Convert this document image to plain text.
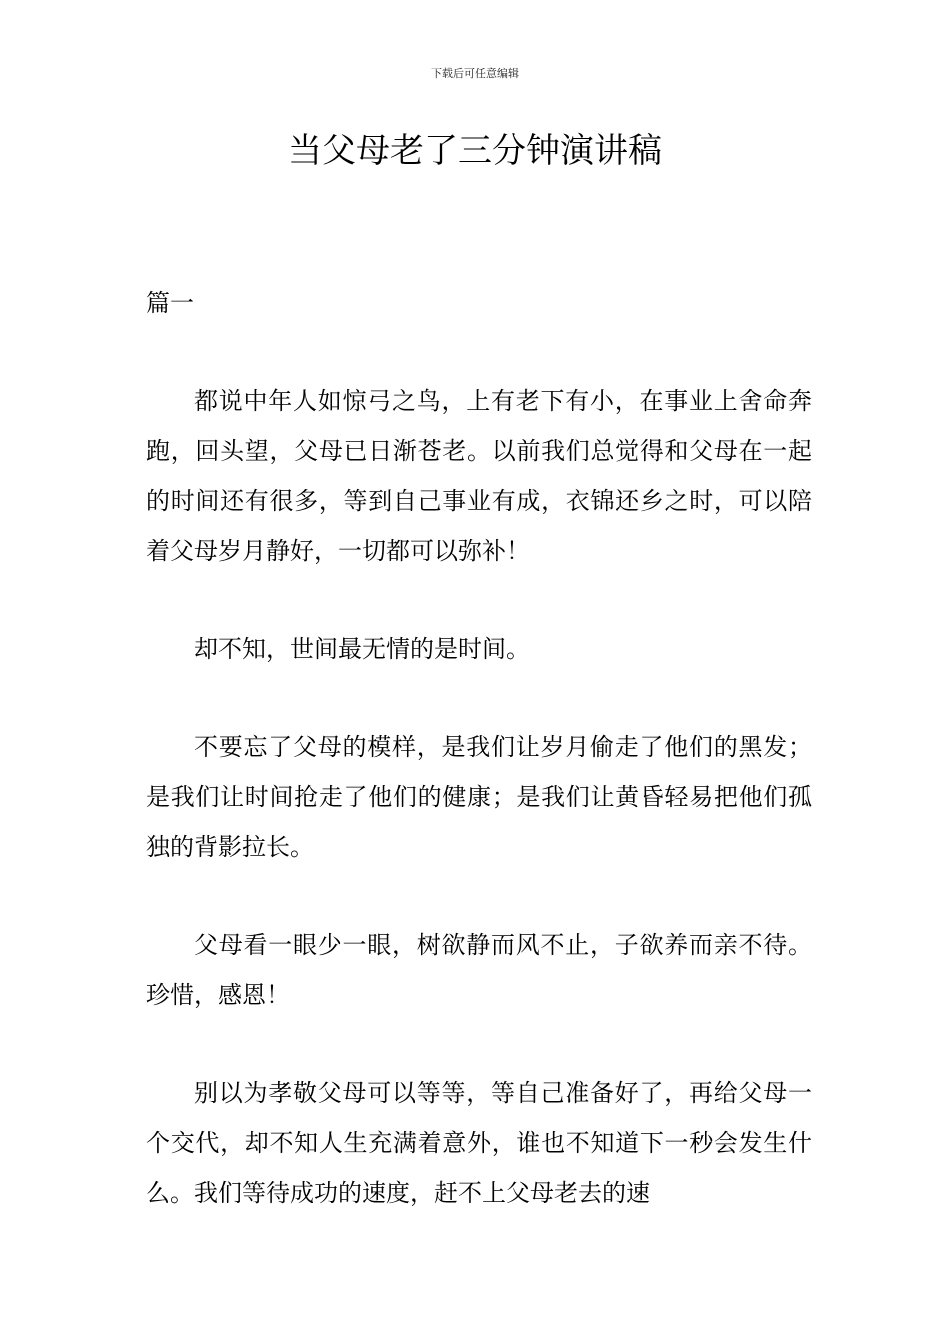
下载后可任意编辑
当父母老了三分钟演讲稿

篇一

都说中年人如惊弓之鸟，上有老下有小，在事业上舍命奔跑，回头望，父母已日渐苍老。以前我们总觉得和父母在一起的时间还有很多，等到自己事业有成，衣锦还乡之时，可以陪着父母岁月静好，一切都可以弥补！

却不知，世间最无情的是时间。

不要忘了父母的模样，是我们让岁月偷走了他们的黑发；是我们让时间抢走了他们的健康；是我们让黄昏轻易把他们孤独的背影拉长。

父母看一眼少一眼，树欲静而风不止，子欲养而亲不待。珍惜，感恩！

别以为孝敬父母可以等等，等自己准备好了，再给父母一个交代，却不知人生充满着意外，谁也不知道下一秒会发生什么。我们等待成功的速度，赶不上父母老去的速
